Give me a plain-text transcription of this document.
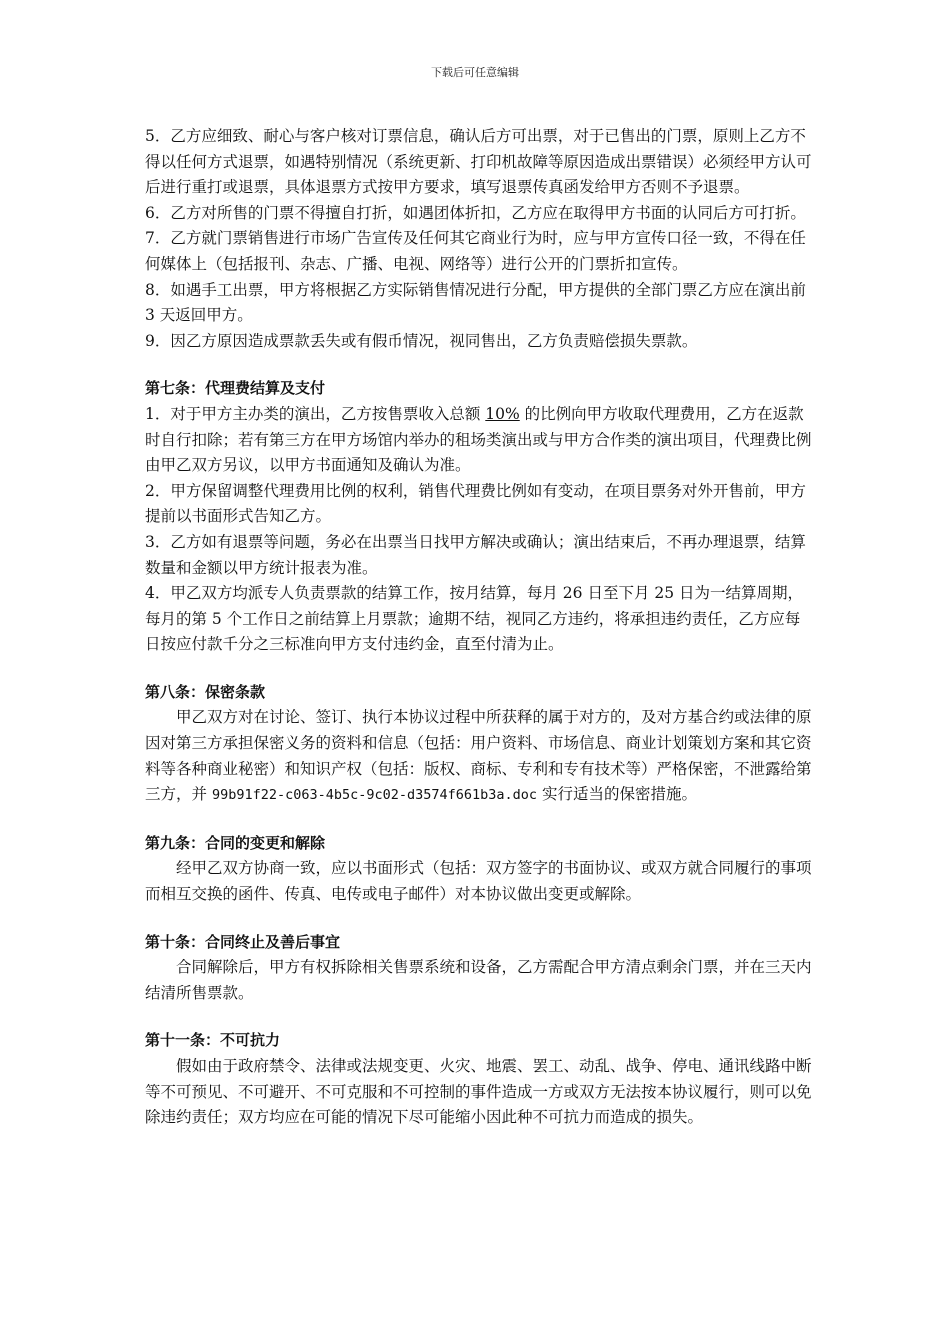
下载后可任意编辑

5．乙方应细致、耐心与客户核对订票信息，确认后方可出票，对于已售出的门票，原则上乙方不得以任何方式退票，如遇特别情况（系统更新、打印机故障等原因造成出票错误）必须经甲方认可后进行重打或退票，具体退票方式按甲方要求，填写退票传真函发给甲方否则不予退票。

6．乙方对所售的门票不得擅自打折，如遇团体折扣，乙方应在取得甲方书面的认同后方可打折。

7．乙方就门票销售进行市场广告宣传及任何其它商业行为时，应与甲方宣传口径一致，不得在任何媒体上（包括报刊、杂志、广播、电视、网络等）进行公开的门票折扣宣传。

8．如遇手工出票，甲方将根据乙方实际销售情况进行分配，甲方提供的全部门票乙方应在演出前 3 天返回甲方。

9．因乙方原因造成票款丢失或有假币情况，视同售出，乙方负责赔偿损失票款。

第七条：代理费结算及支付

1．对于甲方主办类的演出，乙方按售票收入总额 10% 的比例向甲方收取代理费用，乙方在返款时自行扣除；若有第三方在甲方场馆内举办的租场类演出或与甲方合作类的演出项目，代理费比例由甲乙双方另议，以甲方书面通知及确认为准。

2．甲方保留调整代理费用比例的权利，销售代理费比例如有变动，在项目票务对外开售前，甲方提前以书面形式告知乙方。

3．乙方如有退票等问题，务必在出票当日找甲方解决或确认；演出结束后，不再办理退票，结算数量和金额以甲方统计报表为准。

4．甲乙双方均派专人负责票款的结算工作，按月结算，每月 26 日至下月 25 日为一结算周期，每月的第 5 个工作日之前结算上月票款；逾期不结，视同乙方违约，将承担违约责任，乙方应每日按应付款千分之三标准向甲方支付违约金，直至付清为止。

第八条：保密条款

甲乙双方对在讨论、签订、执行本协议过程中所获释的属于对方的，及对方基合约或法律的原因对第三方承担保密义务的资料和信息（包括：用户资料、市场信息、商业计划策划方案和其它资料等各种商业秘密）和知识产权（包括：版权、商标、专利和专有技术等）严格保密，不泄露给第三方，并 99b91f22-c063-4b5c-9c02-d3574f661b3a.doc 实行适当的保密措施。

第九条：合同的变更和解除

经甲乙双方协商一致，应以书面形式（包括：双方签字的书面协议、或双方就合同履行的事项而相互交换的函件、传真、电传或电子邮件）对本协议做出变更或解除。

第十条：合同终止及善后事宜

合同解除后，甲方有权拆除相关售票系统和设备，乙方需配合甲方清点剩余门票，并在三天内结清所售票款。

第十一条：不可抗力

假如由于政府禁令、法律或法规变更、火灾、地震、罢工、动乱、战争、停电、通讯线路中断等不可预见、不可避开、不可克服和不可控制的事件造成一方或双方无法按本协议履行，则可以免除违约责任；双方均应在可能的情况下尽可能缩小因此种不可抗力而造成的损失。
